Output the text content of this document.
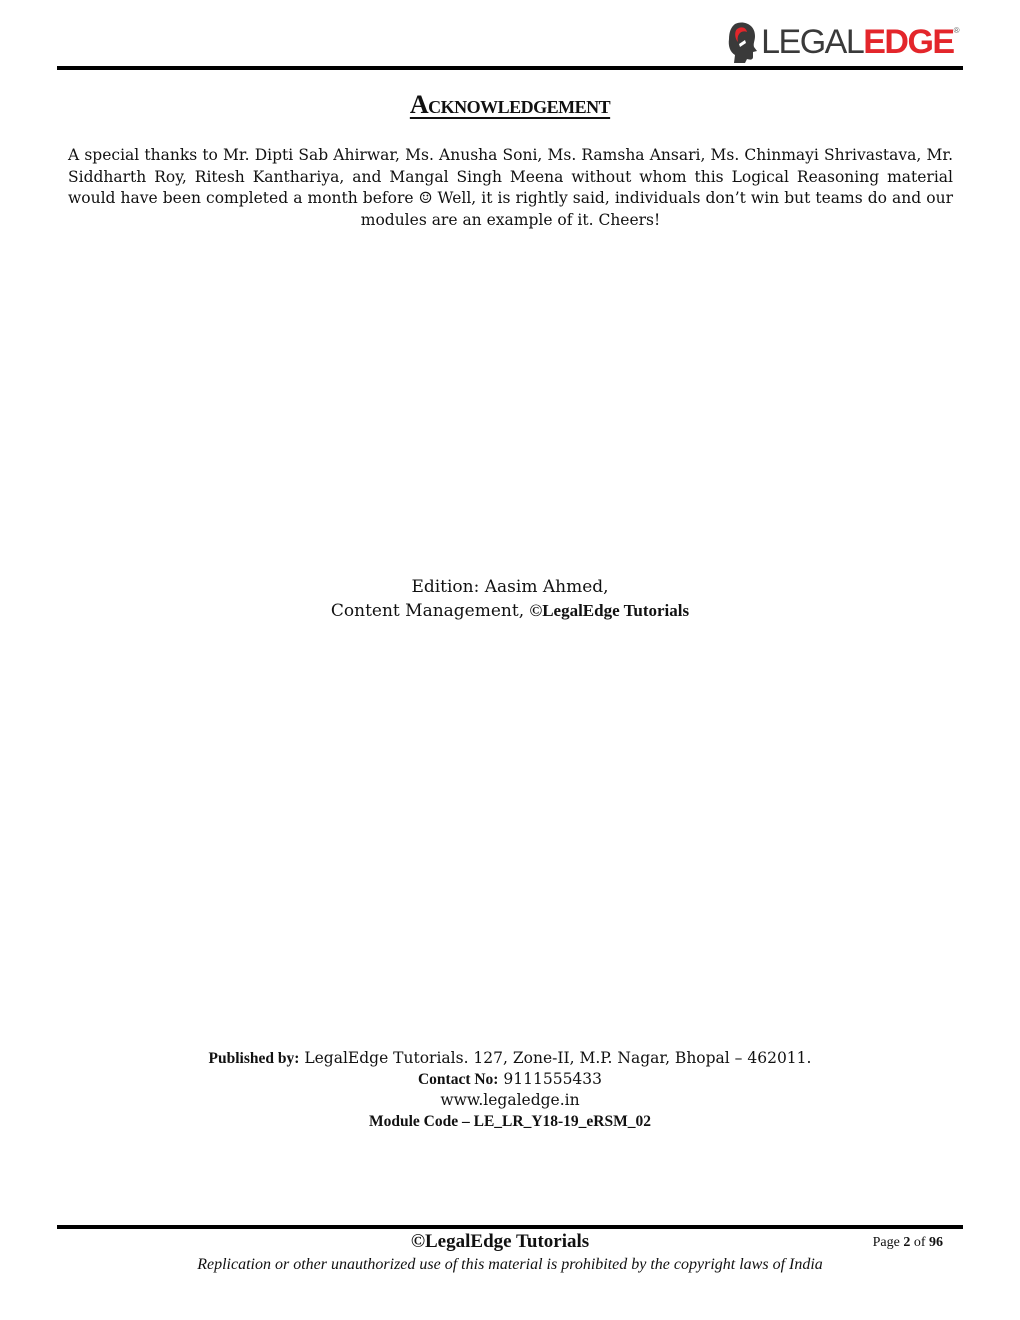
LEGAL EDGE ®
Acknowledgement
A special thanks to Mr. Dipti Sab Ahirwar, Ms. Anusha Soni, Ms. Ramsha Ansari, Ms. Chinmayi Shrivastava, Mr. Siddharth Roy, Ritesh Kanthariya, and Mangal Singh Meena without whom this Logical Reasoning material would have been completed a month before ☺ Well, it is rightly said, individuals don’t win but teams do and our modules are an example of it. Cheers!
Edition: Aasim Ahmed,
Content Management, ©LegalEdge Tutorials
Published by: LegalEdge Tutorials. 127, Zone-II, M.P. Nagar, Bhopal – 462011.
Contact No: 9111555433
www.legaledge.in
Module Code – LE_LR_Y18-19_eRSM_02
©LegalEdge Tutorials	Page 2 of 96
Replication or other unauthorized use of this material is prohibited by the copyright laws of India
